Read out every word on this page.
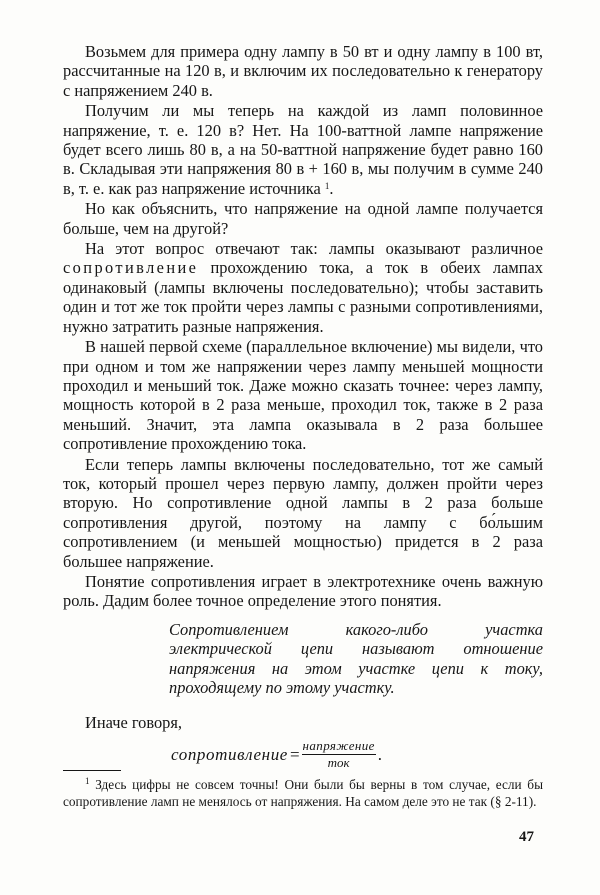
Возьмем для примера одну лампу в 50 вт и одну лампу в 100 вт, рассчитанные на 120 в, и включим их последовательно к генератору с напряжением 240 в.

Получим ли мы теперь на каждой из ламп половинное напряжение, т. е. 120 в? Нет. На 100-ваттной лампе напряжение будет всего лишь 80 в, а на 50-ваттной напряжение будет равно 160 в. Складывая эти напряжения 80 в + 160 в, мы получим в сумме 240 в, т. е. как раз напряжение источника $^1$.

Но как объяснить, что напряжение на одной лампе получается больше, чем на другой?

На этот вопрос отвечают так: лампы оказывают различное сопротивление прохождению тока, а ток в обеих лампах одинаковый (лампы включены последовательно); чтобы заставить один и тот же ток пройти через лампы с разными сопротивлениями, нужно затратить разные напряжения.

В нашей первой схеме (параллельное включение) мы видели, что при одном и том же напряжении через лампу меньшей мощности проходил и меньший ток. Даже можно сказать точнее: через лампу, мощность которой в 2 раза меньше, проходил ток, также в 2 раза меньший. Значит, эта лампа оказывала в 2 раза большее сопротивление прохождению тока.

Если теперь лампы включены последовательно, тот же самый ток, который прошел через первую лампу, должен пройти через вторую. Но сопротивление одной лампы в 2 раза больше сопротивления другой, поэтому на лампу с бо́льшим сопротивлением (и меньшей мощностью) придется в 2 раза большее напряжение.

Понятие сопротивления играет в электротехнике очень важную роль. Дадим более точное определение этого понятия.

Сопротивлением какого-либо участка электрической цепи называют отношение напряжения на этом участке цепи к току, проходящему по этому участку.

Иначе говоря,

сопротивление = $\frac{\text{напряжение}}{\text{ток}}$ .

$^1$ Здесь цифры не совсем точны! Они были бы верны в том случае, если бы сопротивление ламп не менялось от напряжения. На самом деле это не так (§ 2-11).

47
